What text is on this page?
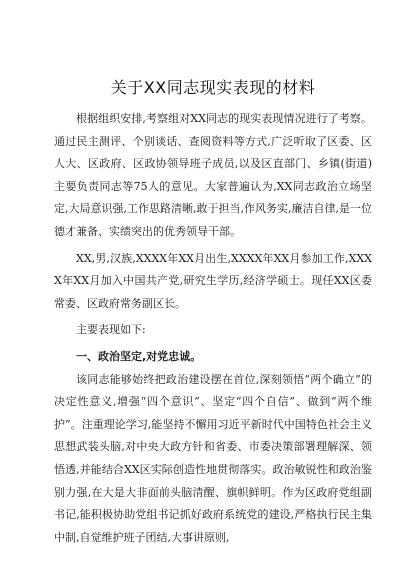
关于XX同志现实表现的材料

根据组织安排,考察组对XX同志的现实表现情况进行了考察。通过民主测评、个别谈话、查阅资料等方式,广泛听取了区委、区人大、区政府、区政协领导班子成员,以及区直部门、乡镇(街道)主要负责同志等75人的意见。大家普遍认为,XX同志政治立场坚定,大局意识强,工作思路清晰,敢于担当,作风务实,廉洁自律,是一位德才兼备、实绩突出的优秀领导干部。

XX,男,汉族,XXXX年XX月出生,XXXX年XX月参加工作,XXXX年XX月加入中国共产党,研究生学历,经济学硕士。现任XX区委常委、区政府常务副区长。

主要表现如下:

一、政治坚定,对党忠诚。

该同志能够始终把政治建设摆在首位,深刻领悟“两个确立”的决定性意义,增强“四个意识”、坚定“四个自信”、做到“两个维护”。注重理论学习,能坚持不懈用习近平新时代中国特色社会主义思想武装头脑,对中央大政方针和省委、市委决策部署理解深、领悟透,并能结合XX区实际创造性地贯彻落实。政治敏锐性和政治鉴别力强,在大是大非面前头脑清醒、旗帜鲜明。作为区政府党组副书记,能积极协助党组书记抓好政府系统党的建设,严格执行民主集中制,自觉维护班子团结,大事讲原则,
